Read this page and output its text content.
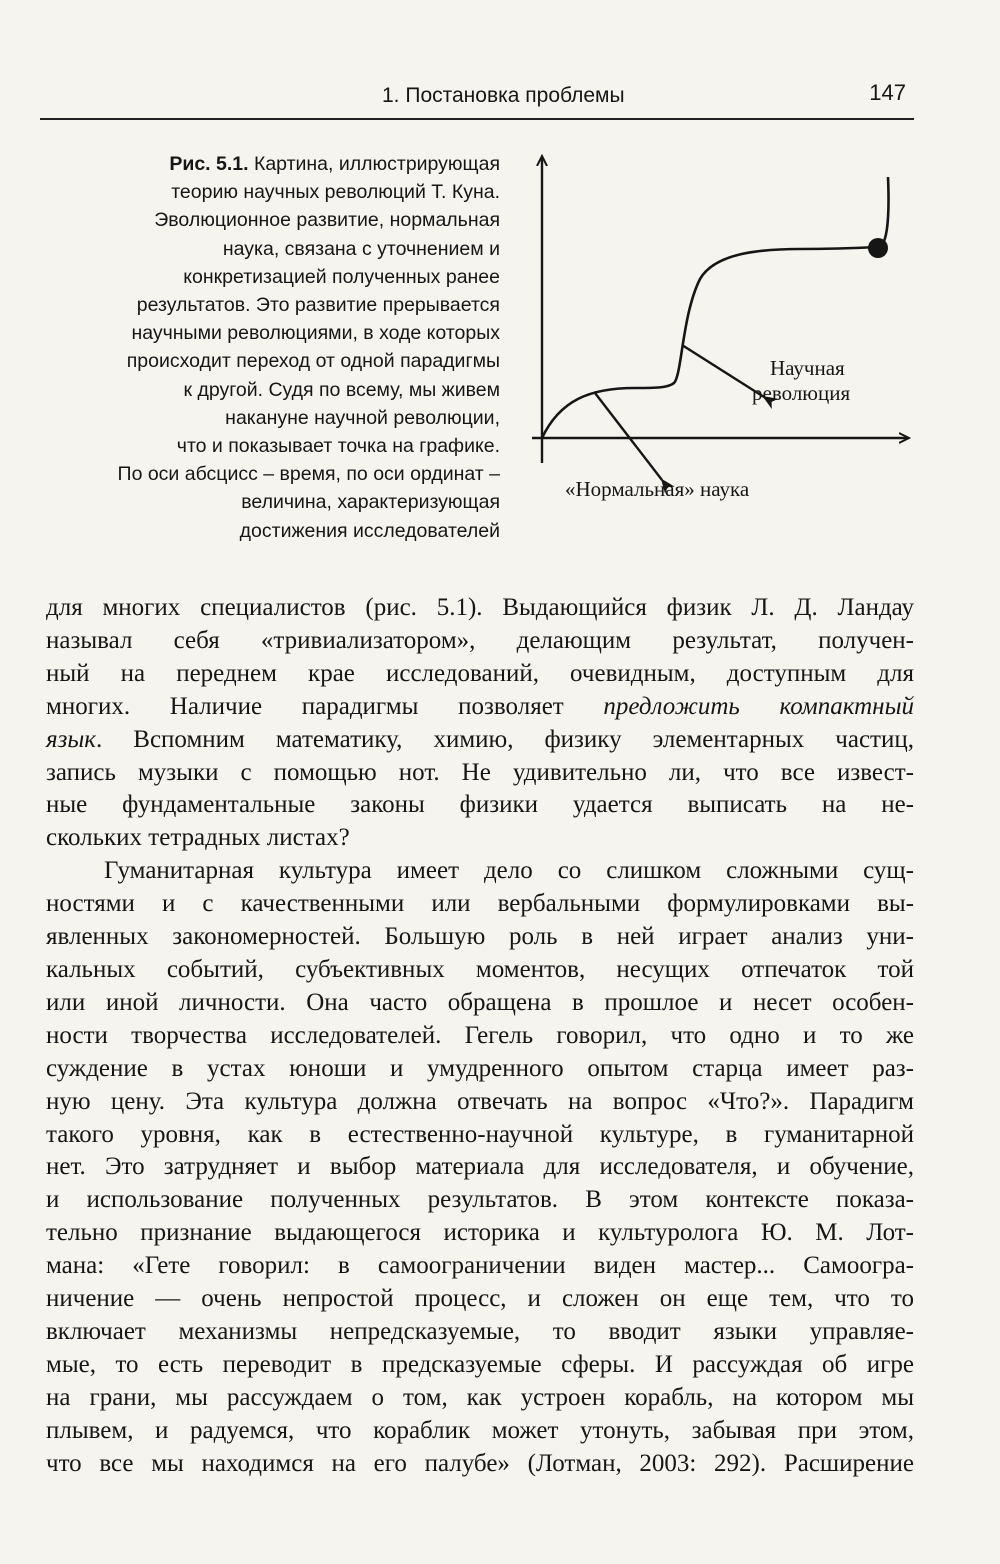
1. Постановка проблемы	147
Рис. 5.1. Картина, иллюстрирующая
теорию научных революций Т. Куна.
Эволюционное развитие, нормальная
наука, связана с уточнением и
конкретизацией полученных ранее
результатов. Это развитие прерывается
научными революциями, в ходе которых
происходит переход от одной парадигмы
к другой. Судя по всему, мы живем
накануне научной революции,
что и показывает точка на графике.
По оси абсцисс – время, по оси ординат –
величина, характеризующая
достижения исследователей
Научная революция
«Нормальная» наука
для многих специалистов (рис. 5.1). Выдающийся физик Л. Д. Ландау
называл себя «тривиализатором», делающим результат, получен-
ный на переднем крае исследований, очевидным, доступным для
многих. Наличие парадигмы позволяет предложить компактный
язык. Вспомним математику, химию, физику элементарных частиц,
запись музыки с помощью нот. Не удивительно ли, что все извест-
ные фундаментальные законы физики удается выписать на не-
скольких тетрадных листах?
Гуманитарная культура имеет дело со слишком сложными сущ-
ностями и с качественными или вербальными формулировками вы-
явленных закономерностей. Большую роль в ней играет анализ уни-
кальных событий, субъективных моментов, несущих отпечаток той
или иной личности. Она часто обращена в прошлое и несет особен-
ности творчества исследователей. Гегель говорил, что одно и то же
суждение в устах юноши и умудренного опытом старца имеет раз-
ную цену. Эта культура должна отвечать на вопрос «Что?». Парадигм
такого уровня, как в естественно-научной культуре, в гуманитарной
нет. Это затрудняет и выбор материала для исследователя, и обучение,
и использование полученных результатов. В этом контексте показа-
тельно признание выдающегося историка и культуролога Ю. М. Лот-
мана: «Гете говорил: в самоограничении виден мастер... Самоогра-
ничение — очень непростой процесс, и сложен он еще тем, что то
включает механизмы непредсказуемые, то вводит языки управляе-
мые, то есть переводит в предсказуемые сферы. И рассуждая об игре
на грани, мы рассуждаем о том, как устроен корабль, на котором мы
плывем, и радуемся, что кораблик может утонуть, забывая при этом,
что все мы находимся на его палубе» (Лотман, 2003: 292). Расширение
